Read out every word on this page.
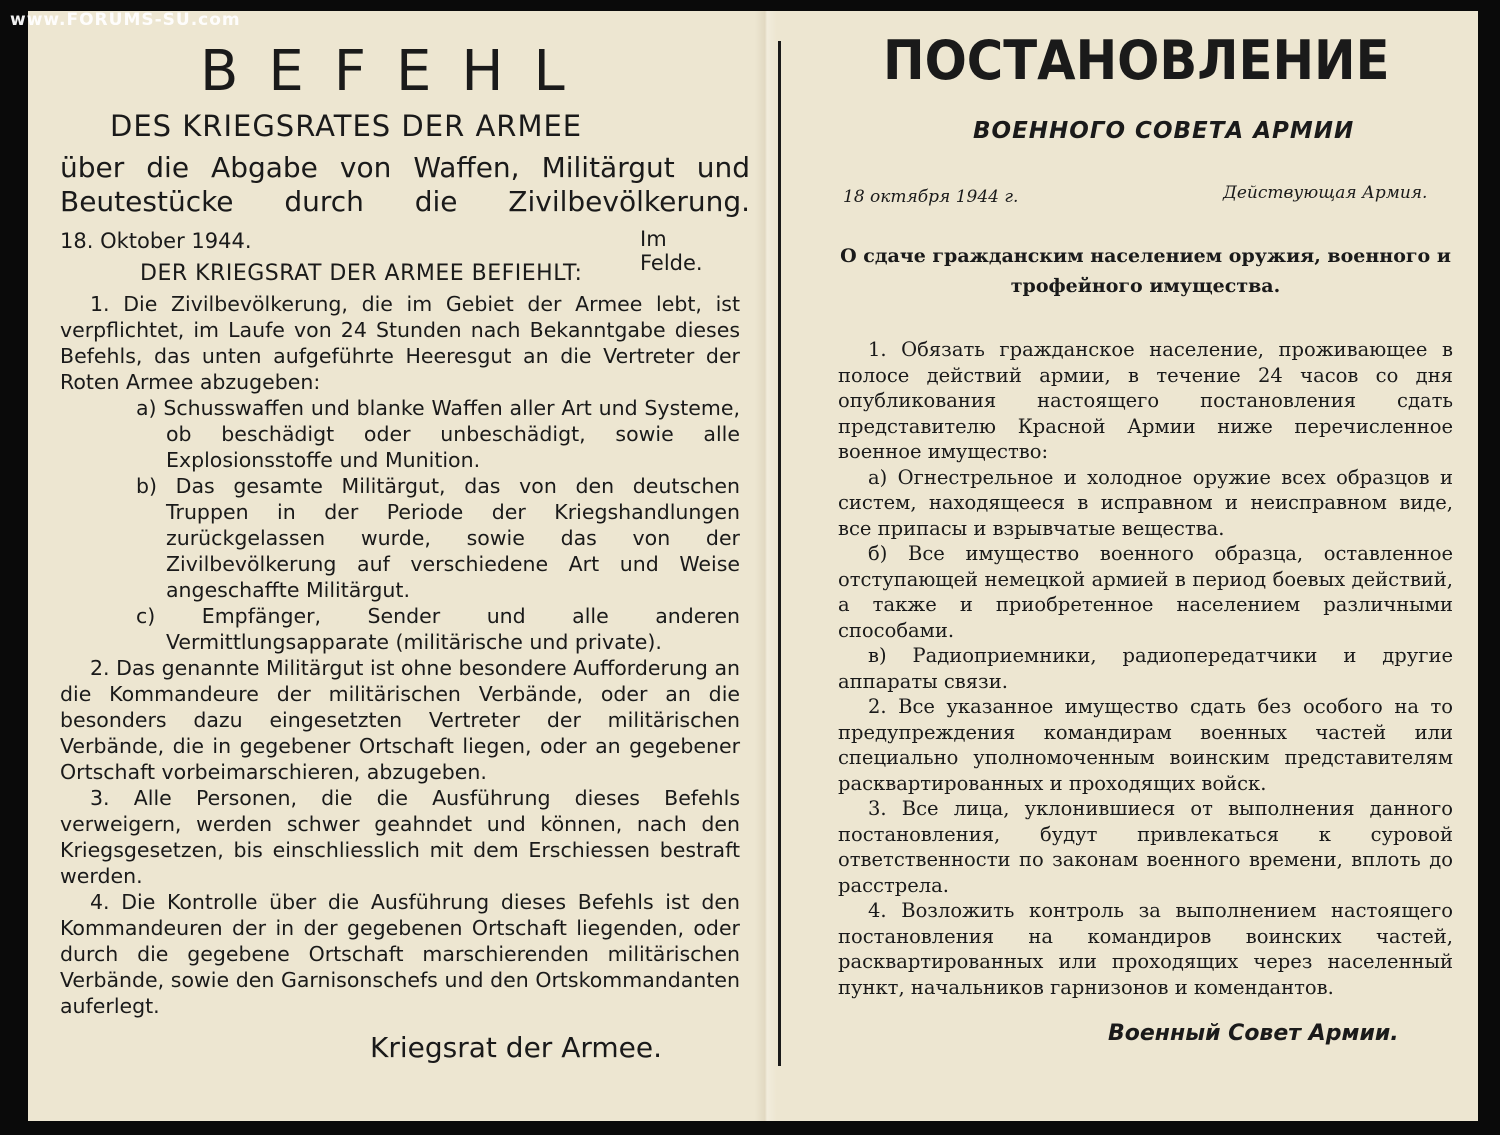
www.FORUMS-SU.com
BEFEHL
DES KRIEGSRATES DER ARMEE
über die Abgabe von Waffen, Militärgut und Beutestücke durch die Zivilbevölkerung.
18. Oktober 1944.	Im Felde.
DER KRIEGSRAT DER ARMEE BEFIEHLT:

1. Die Zivilbevölkerung, die im Gebiet der Armee lebt, ist verpflichtet, im Laufe von 24 Stunden nach Bekanntgabe dieses Befehls, das unten aufgeführte Heeresgut an die Vertreter der Roten Armee abzugeben:

a) Schusswaffen und blanke Waffen aller Art und Systeme, ob beschädigt oder unbeschädigt, sowie alle Explosionsstoffe und Munition.

b) Das gesamte Militärgut, das von den deutschen Truppen in der Periode der Kriegshandlungen zurückgelassen wurde, sowie das von der Zivilbevölkerung auf verschiedene Art und Weise angeschaffte Militärgut.

c) Empfänger, Sender und alle anderen Vermittlungsapparate (militärische und private).

2. Das genannte Militärgut ist ohne besondere Aufforderung an die Kommandeure der militärischen Verbände, oder an die besonders dazu eingesetzten Vertreter der militärischen Verbände, die in gegebener Ortschaft liegen, oder an gegebener Ortschaft vorbeimarschieren, abzugeben.

3. Alle Personen, die die Ausführung dieses Befehls verweigern, werden schwer geahndet und können, nach den Kriegsgesetzen, bis einschliesslich mit dem Erschiessen bestraft werden.

4. Die Kontrolle über die Ausführung dieses Befehls ist den Kommandeuren der in der gegebenen Ortschaft liegenden, oder durch die gegebene Ortschaft marschierenden militärischen Verbände, sowie den Garnisonschefs und den Ortskommandanten auferlegt.

Kriegsrat der Armee.
ПОСТАНОВЛЕНИЕ
ВОЕННОГО СОВЕТА АРМИИ
18 октября 1944 г.	Действующая Армия.
О сдаче гражданским населением оружия, военного и трофейного имущества.

1. Обязать гражданское население, проживающее в полосе действий армии, в течение 24 часов со дня опубликования настоящего постановления сдать представителю Красной Армии ниже перечисленное военное имущество:

а) Огнестрельное и холодное оружие всех образцов и систем, находящееся в исправном и неисправном виде, все припасы и взрывчатые вещества.

б) Все имущество военного образца, оставленное отступающей немецкой армией в период боевых действий, а также и приобретенное населением различными способами.

в) Радиоприемники, радиопередатчики и другие аппараты связи.

2. Все указанное имущество сдать без особого на то предупреждения командирам военных частей или специально уполномоченным воинским представителям расквартированных и проходящих войск.

3. Все лица, уклонившиеся от выполнения данного постановления, будут привлекаться к суровой ответственности по законам военного времени, вплоть до расстрела.

4. Возложить контроль за выполнением настоящего постановления на командиров воинских частей, расквартированных или проходящих через населенный пункт, начальников гарнизонов и комендантов.

Военный Совет Армии.
